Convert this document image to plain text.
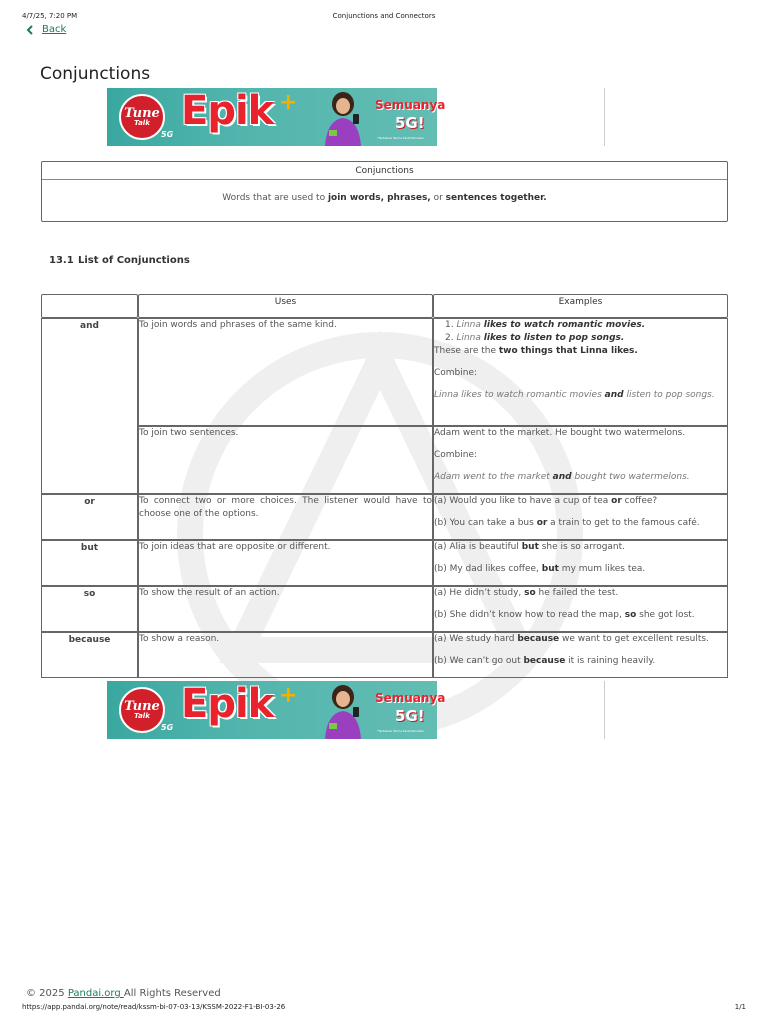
4/7/25, 7:20 PM	Conjunctions and Connectors
Back
Conjunctions
Tune
Talk
5G
Epik +	Semuanya
5G!
*Tertakluk Terma Perkhidmatan
Conjunctions
Words that are used to join words, phrases, or sentences together.
13.1 List of Conjunctions
	Uses	Examples
and	To join words and phrases of the same kind.	1. Linna likes to watch romantic movies.

2. Linna likes to listen to pop songs.

These are the two things that Linna likes.

Combine:

Linna likes to watch romantic movies and listen to pop songs.

	To join two sentences.	Adam went to the market. He bought two watermelons.

Combine:

Adam went to the market and bought two watermelons.

or	To connect two or more choices. The listener would have to choose one of the options.	(a) Would you like to have a cup of tea or coffee?

(b) You can take a bus or a train to get to the famous café.

but	To join ideas that are opposite or different.	(a) Alia is beautiful but she is so arrogant.

(b) My dad likes coffee, but my mum likes tea.

so	To show the result of an action.	(a) He didn’t study, so he failed the test.

(b) She didn’t know how to read the map, so she got lost.

because	To show a reason.	(a) We study hard because we want to get excellent results.

(b) We can’t go out because it is raining heavily.

Tune
Talk
5G
Epik +	Semuanya
5G!
*Tertakluk Terma Perkhidmatan
© 2025 Pandai.org All Rights Reserved
https://app.pandai.org/note/read/kssm-bi-07-03-13/KSSM-2022-F1-BI-03-26	1/1
